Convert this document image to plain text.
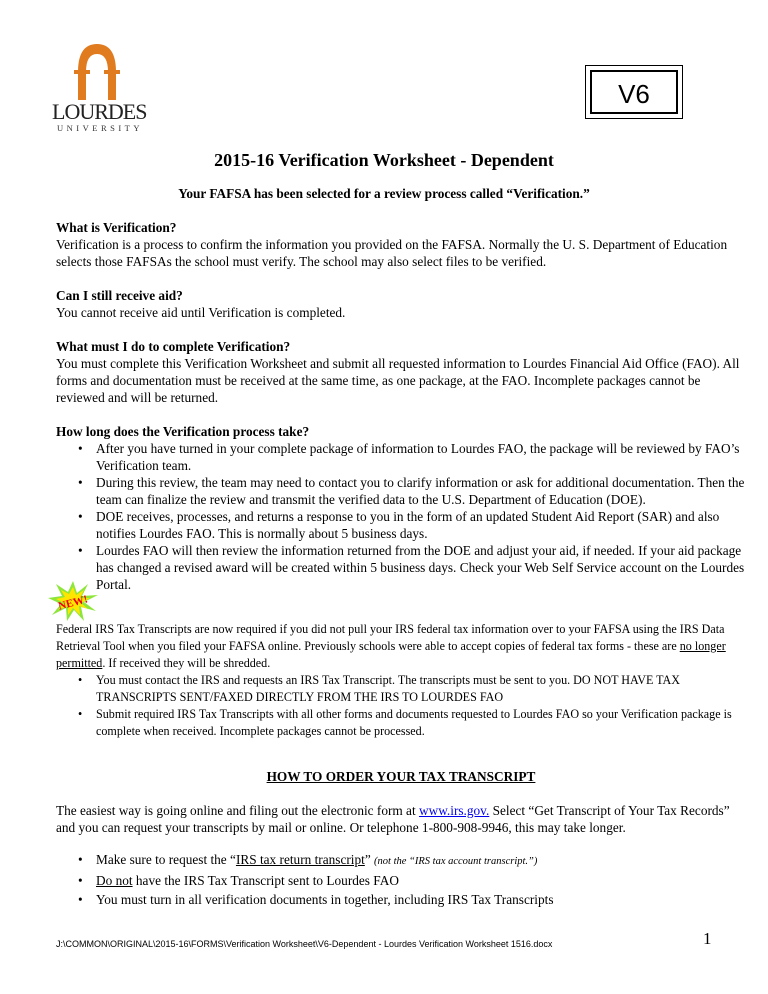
LOURDES
UNIVERSITY
V6
2015-16 Verification Worksheet - Dependent
Your FAFSA has been selected for a review process called “Verification.”

What is Verification?
Verification is a process to confirm the information you provided on the FAFSA. Normally the U. S. Department of Education selects those FAFSAs the school must verify. The school may also select files to be verified.

Can I still receive aid?
You cannot receive aid until Verification is completed.

What must I do to complete Verification?
You must complete this Verification Worksheet and submit all requested information to Lourdes Financial Aid Office (FAO). All forms and documentation must be received at the same time, as one package, at the FAO. Incomplete packages cannot be reviewed and will be returned.

How long does the Verification process take?
• After you have turned in your complete package of information to Lourdes FAO, the package will be reviewed by FAO’s Verification team.
• During this review, the team may need to contact you to clarify information or ask for additional documentation. Then the team can finalize the review and transmit the verified data to the U.S. Department of Education (DOE).
• DOE receives, processes, and returns a response to you in the form of an updated Student Aid Report (SAR) and also notifies Lourdes FAO. This is normally about 5 business days.
• Lourdes FAO will then review the information returned from the DOE and adjust your aid, if needed. If your aid package has changed a revised award will be created within 5 business days. Check your Web Self Service account on the Lourdes Portal.
NEW!
Federal IRS Tax Transcripts are now required if you did not pull your IRS federal tax information over to your FAFSA using the IRS Data Retrieval Tool when you filed your FAFSA online. Previously schools were able to accept copies of federal tax forms - these are no longer permitted. If received they will be shredded.
• You must contact the IRS and requests an IRS Tax Transcript. The transcripts must be sent to you. DO NOT HAVE TAX TRANSCRIPTS SENT/FAXED DIRECTLY FROM THE IRS TO LOURDES FAO
• Submit required IRS Tax Transcripts with all other forms and documents requested to Lourdes FAO so your Verification package is complete when received. Incomplete packages cannot be processed.
HOW TO ORDER YOUR TAX TRANSCRIPT

The easiest way is going online and filing out the electronic form at www.irs.gov. Select “Get Transcript of Your Tax Records” and you can request your transcripts by mail or online. Or telephone 1-800-908-9946, this may take longer.

• Make sure to request the “IRS tax return transcript” (not the “IRS tax account transcript.”)
• Do not have the IRS Tax Transcript sent to Lourdes FAO
• You must turn in all verification documents in together, including IRS Tax Transcripts
J:\COMMON\ORIGINAL\2015-16\FORMS\Verification Worksheet\V6-Dependent - Lourdes Verification Worksheet 1516.docx	1
